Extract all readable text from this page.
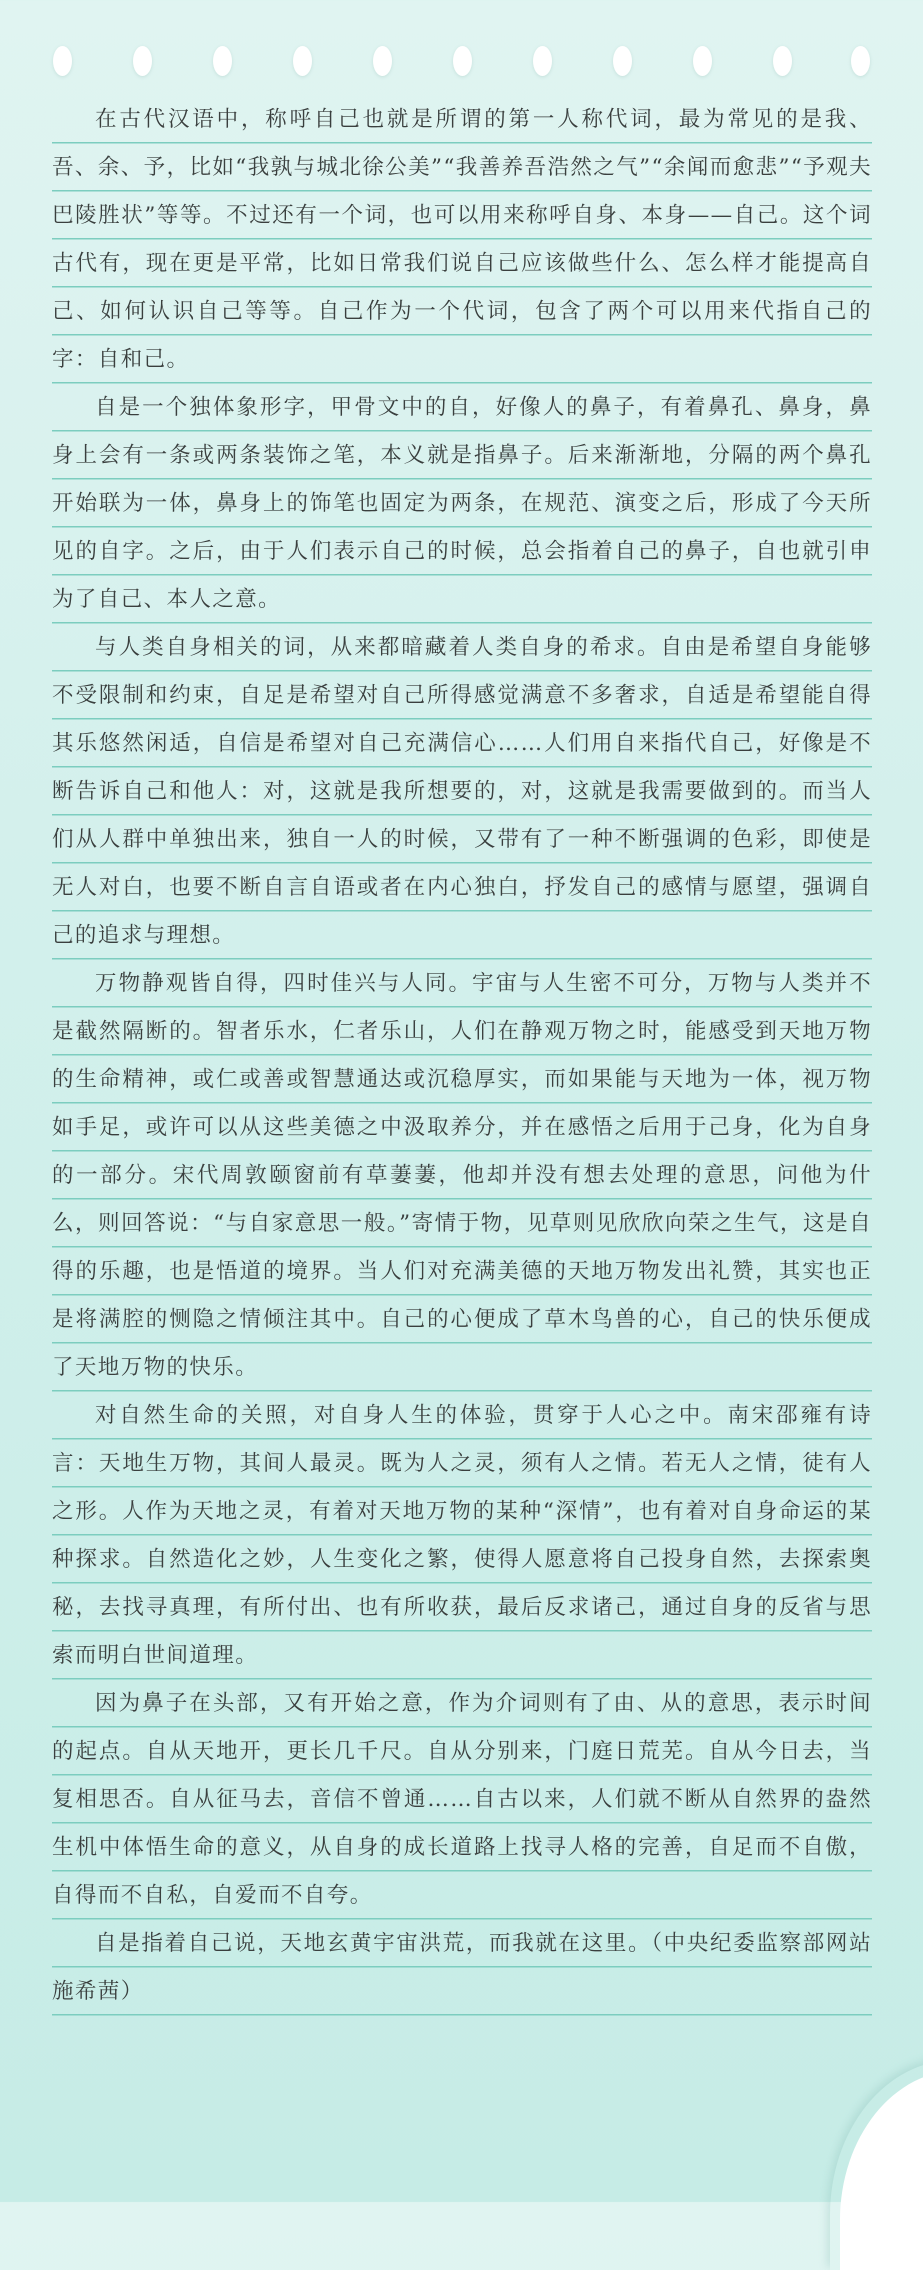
在古代汉语中，称呼自己也就是所谓的第一人称代词，最为常见的是我、吾、余、予，比如“我孰与城北徐公美”“我善养吾浩然之气”“余闻而愈悲”“予观夫巴陵胜状”等等。不过还有一个词，也可以用来称呼自身、本身——自己。这个词古代有，现在更是平常，比如日常我们说自己应该做些什么、怎么样才能提高自己、如何认识自己等等。自己作为一个代词，包含了两个可以用来代指自己的字：自和己。

自是一个独体象形字，甲骨文中的自，好像人的鼻子，有着鼻孔、鼻身，鼻身上会有一条或两条装饰之笔，本义就是指鼻子。后来渐渐地，分隔的两个鼻孔开始联为一体，鼻身上的饰笔也固定为两条，在规范、演变之后，形成了今天所见的自字。之后，由于人们表示自己的时候，总会指着自己的鼻子，自也就引申为了自己、本人之意。

与人类自身相关的词，从来都暗藏着人类自身的希求。自由是希望自身能够不受限制和约束，自足是希望对自己所得感觉满意不多奢求，自适是希望能自得其乐悠然闲适，自信是希望对自己充满信心……人们用自来指代自己，好像是不断告诉自己和他人：对，这就是我所想要的，对，这就是我需要做到的。而当人们从人群中单独出来，独自一人的时候，又带有了一种不断强调的色彩，即使是无人对白，也要不断自言自语或者在内心独白，抒发自己的感情与愿望，强调自己的追求与理想。

万物静观皆自得，四时佳兴与人同。宇宙与人生密不可分，万物与人类并不是截然隔断的。智者乐水，仁者乐山，人们在静观万物之时，能感受到天地万物的生命精神，或仁或善或智慧通达或沉稳厚实，而如果能与天地为一体，视万物如手足，或许可以从这些美德之中汲取养分，并在感悟之后用于己身，化为自身的一部分。宋代周敦颐窗前有草萋萋，他却并没有想去处理的意思，问他为什么，则回答说：“与自家意思一般。”寄情于物，见草则见欣欣向荣之生气，这是自得的乐趣，也是悟道的境界。当人们对充满美德的天地万物发出礼赞，其实也正是将满腔的恻隐之情倾注其中。自己的心便成了草木鸟兽的心，自己的快乐便成了天地万物的快乐。

对自然生命的关照，对自身人生的体验，贯穿于人心之中。南宋邵雍有诗言：天地生万物，其间人最灵。既为人之灵，须有人之情。若无人之情，徒有人之形。人作为天地之灵，有着对天地万物的某种“深情”，也有着对自身命运的某种探求。自然造化之妙，人生变化之繁，使得人愿意将自己投身自然，去探索奥秘，去找寻真理，有所付出、也有所收获，最后反求诸己，通过自身的反省与思索而明白世间道理。

因为鼻子在头部，又有开始之意，作为介词则有了由、从的意思，表示时间的起点。自从天地开，更长几千尺。自从分别来，门庭日荒芜。自从今日去，当复相思否。自从征马去，音信不曾通……自古以来，人们就不断从自然界的盎然生机中体悟生命的意义，从自身的成长道路上找寻人格的完善，自足而不自傲，自得而不自私，自爱而不自夸。

自是指着自己说，天地玄黄宇宙洪荒，而我就在这里。（中央纪委监察部网站 施希茜）
